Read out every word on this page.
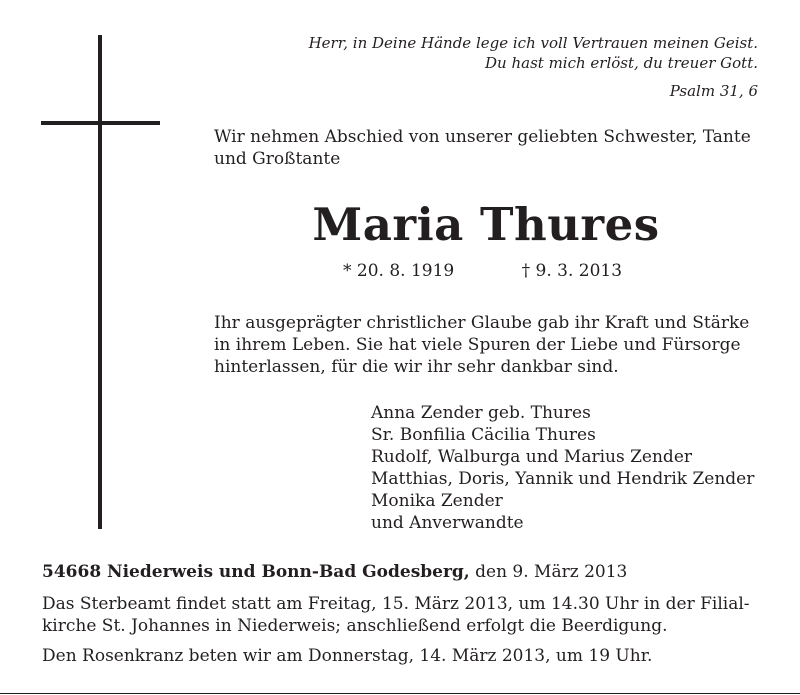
Herr, in Deine Hände lege ich voll Vertrauen meinen Geist.
Du hast mich erlöst, du treuer Gott.
Psalm 31, 6
Wir nehmen Abschied von unserer geliebten Schwester, Tante
und Großtante
Maria Thures
* 20. 8. 1919	† 9. 3. 2013
Ihr ausgeprägter christlicher Glaube gab ihr Kraft und Stärke
in ihrem Leben. Sie hat viele Spuren der Liebe und Fürsorge
hinterlassen, für die wir ihr sehr dankbar sind.
Anna Zender geb. Thures
Sr. Bonfilia Cäcilia Thures
Rudolf, Walburga und Marius Zender
Matthias, Doris, Yannik und Hendrik Zender
Monika Zender
und Anverwandte
54668 Niederweis und Bonn-Bad Godesberg, den 9. März 2013
Das Sterbeamt findet statt am Freitag, 15. März 2013, um 14.30 Uhr in der Filial-
kirche St. Johannes in Niederweis; anschließend erfolgt die Beerdigung.
Den Rosenkranz beten wir am Donnerstag, 14. März 2013, um 19 Uhr.
